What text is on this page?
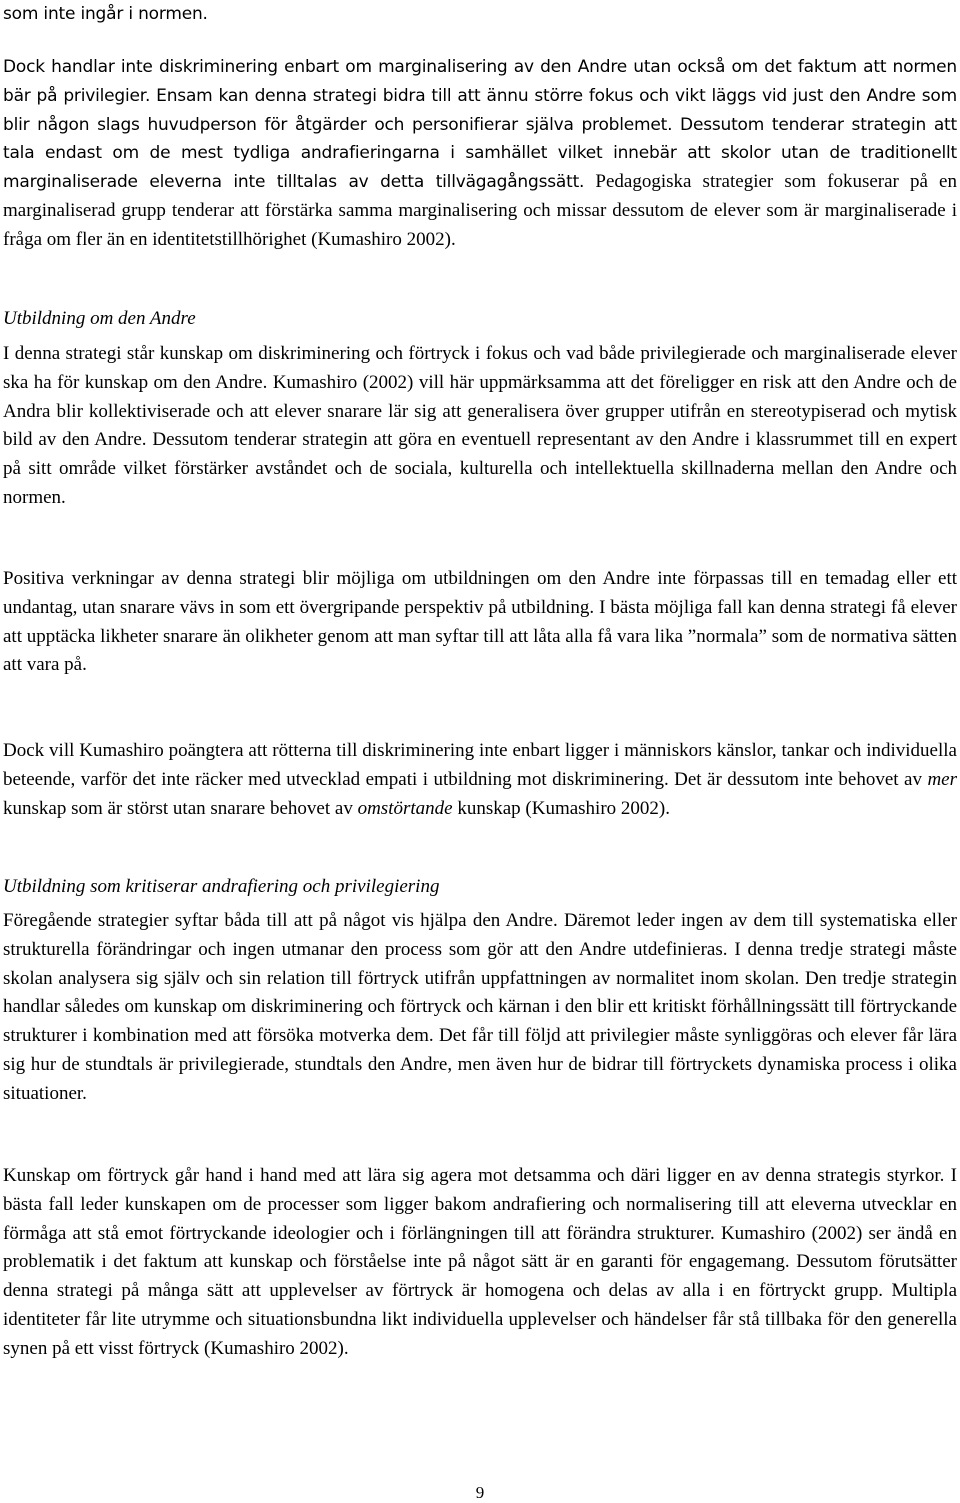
som inte ingår i normen.

Dock handlar inte diskriminering enbart om marginalisering av den Andre utan också om det faktum att normen bär på privilegier. Ensam kan denna strategi bidra till att ännu större fokus och vikt läggs vid just den Andre som blir någon slags huvudperson för åtgärder och personifierar själva problemet. Dessutom tenderar strategin att tala endast om de mest tydliga andrafieringarna i samhället vilket innebär att skolor utan de traditionellt marginaliserade eleverna inte tilltalas av detta tillvägagångssätt. Pedagogiska strategier som fokuserar på en marginaliserad grupp tenderar att förstärka samma marginalisering och missar dessutom de elever som är marginaliserade i fråga om fler än en identitetstillhörighet (Kumashiro 2002).

Utbildning om den Andre

I denna strategi står kunskap om diskriminering och förtryck i fokus och vad både privilegierade och marginaliserade elever ska ha för kunskap om den Andre. Kumashiro (2002) vill här uppmärksamma att det föreligger en risk att den Andre och de Andra blir kollektiviserade och att elever snarare lär sig att generalisera över grupper utifrån en stereotypiserad och mytisk bild av den Andre. Dessutom tenderar strategin att göra en eventuell representant av den Andre i klassrummet till en expert på sitt område vilket förstärker avståndet och de sociala, kulturella och intellektuella skillnaderna mellan den Andre och normen.

Positiva verkningar av denna strategi blir möjliga om utbildningen om den Andre inte förpassas till en temadag eller ett undantag, utan snarare vävs in som ett övergripande perspektiv på utbildning. I bästa möjliga fall kan denna strategi få elever att upptäcka likheter snarare än olikheter genom att man syftar till att låta alla få vara lika ”normala” som de normativa sätten att vara på.

Dock vill Kumashiro poängtera att rötterna till diskriminering inte enbart ligger i människors känslor, tankar och individuella beteende, varför det inte räcker med utvecklad empati i utbildning mot diskriminering. Det är dessutom inte behovet av mer kunskap som är störst utan snarare behovet av omstörtande kunskap (Kumashiro 2002).

Utbildning som kritiserar andrafiering och privilegiering

Föregående strategier syftar båda till att på något vis hjälpa den Andre. Däremot leder ingen av dem till systematiska eller strukturella förändringar och ingen utmanar den process som gör att den Andre utdefinieras. I denna tredje strategi måste skolan analysera sig själv och sin relation till förtryck utifrån uppfattningen av normalitet inom skolan. Den tredje strategin handlar således om kunskap om diskriminering och förtryck och kärnan i den blir ett kritiskt förhållningssätt till förtryckande strukturer i kombination med att försöka motverka dem. Det får till följd att privilegier måste synliggöras och elever får lära sig hur de stundtals är privilegierade, stundtals den Andre, men även hur de bidrar till förtryckets dynamiska process i olika situationer.

Kunskap om förtryck går hand i hand med att lära sig agera mot detsamma och däri ligger en av denna strategis styrkor. I bästa fall leder kunskapen om de processer som ligger bakom andrafiering och normalisering till att eleverna utvecklar en förmåga att stå emot förtryckande ideologier och i förlängningen till att förändra strukturer. Kumashiro (2002) ser ändå en problematik i det faktum att kunskap och förståelse inte på något sätt är en garanti för engagemang. Dessutom förutsätter denna strategi på många sätt att upplevelser av förtryck är homogena och delas av alla i en förtryckt grupp. Multipla identiteter får lite utrymme och situationsbundna likt individuella upplevelser och händelser får stå tillbaka för den generella synen på ett visst förtryck (Kumashiro 2002).

9
